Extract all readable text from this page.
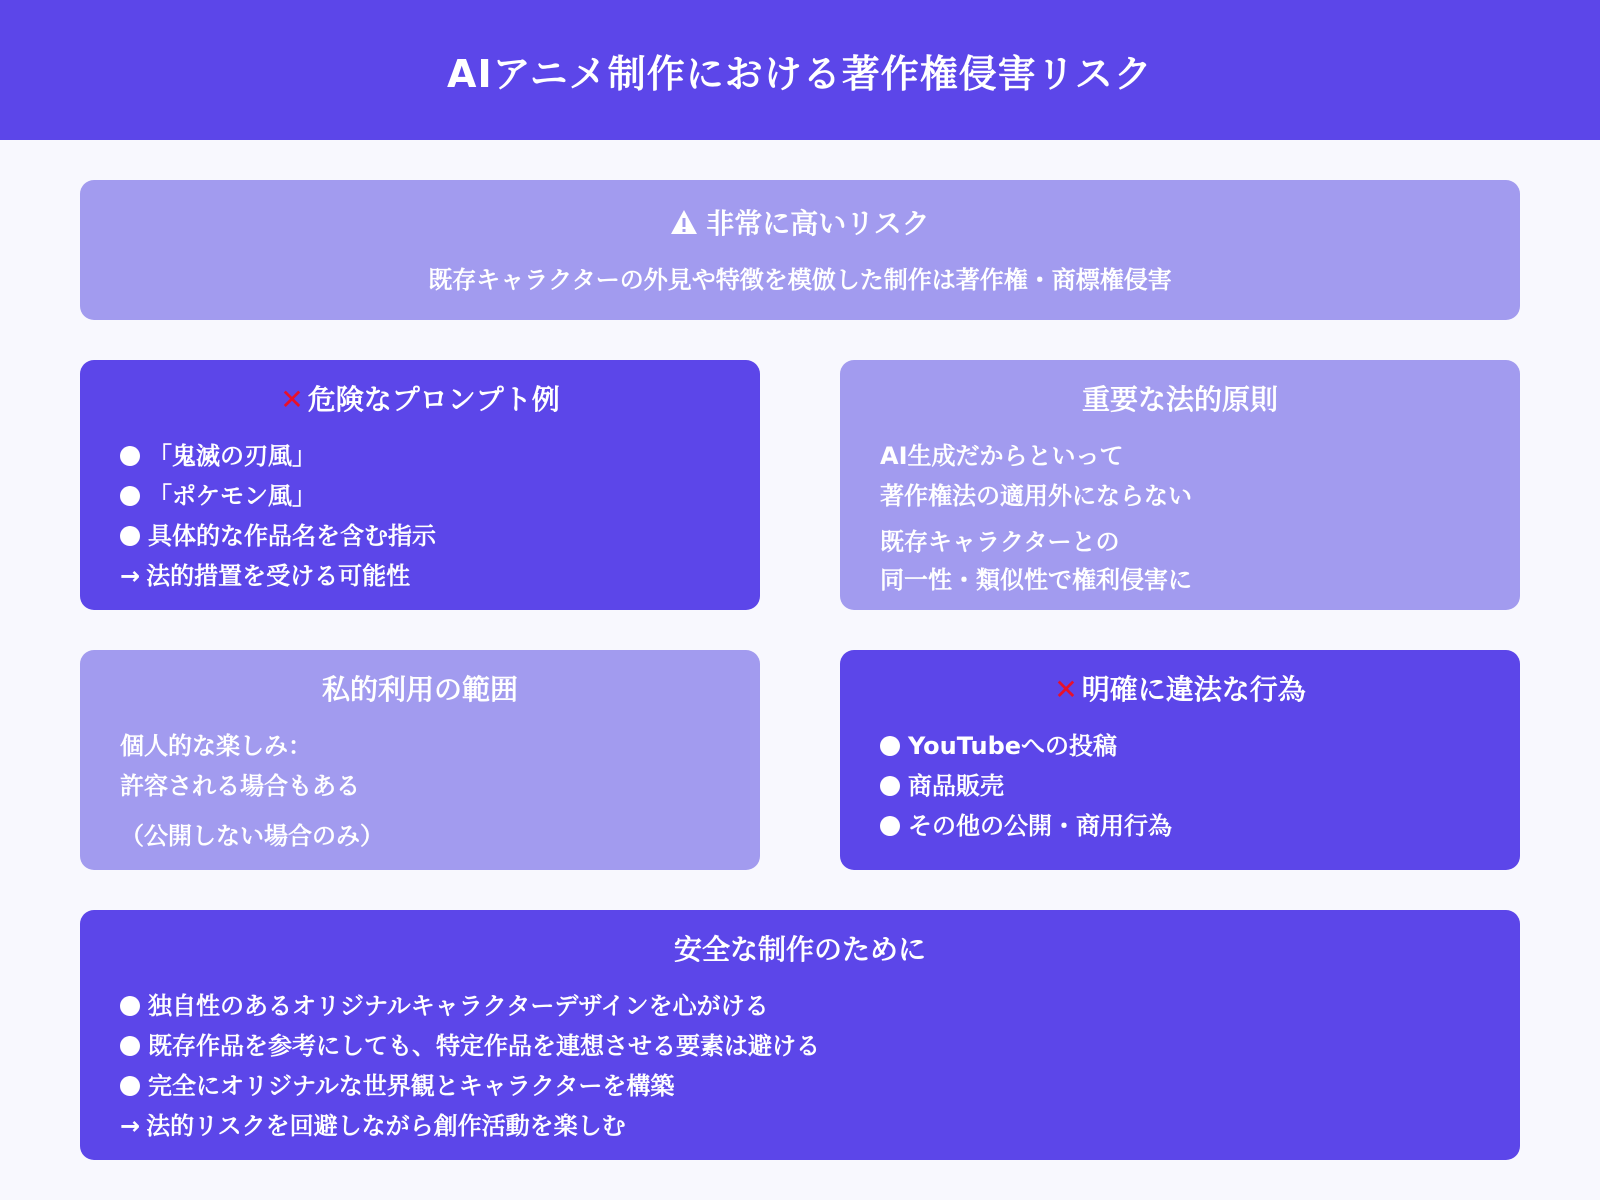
AIアニメ制作における著作権侵害リスク
非常に高いリスク
既存キャラクターの外見や特徴を模倣した制作は著作権・商標権侵害
✕ 危険なプロンプト例
「鬼滅の刃風」
「ポケモン風」
具体的な作品名を含む指示
→ 法的措置を受ける可能性
重要な法的原則
AI生成だからといって
著作権法の適用外にならない
既存キャラクターとの
同一性・類似性で権利侵害に
私的利用の範囲
個人的な楽しみ：
許容される場合もある
（公開しない場合のみ）
✕ 明確に違法な行為
YouTubeへの投稿
商品販売
その他の公開・商用行為
安全な制作のために
独自性のあるオリジナルキャラクターデザインを心がける
既存作品を参考にしても、特定作品を連想させる要素は避ける
完全にオリジナルな世界観とキャラクターを構築
→ 法的リスクを回避しながら創作活動を楽しむ
